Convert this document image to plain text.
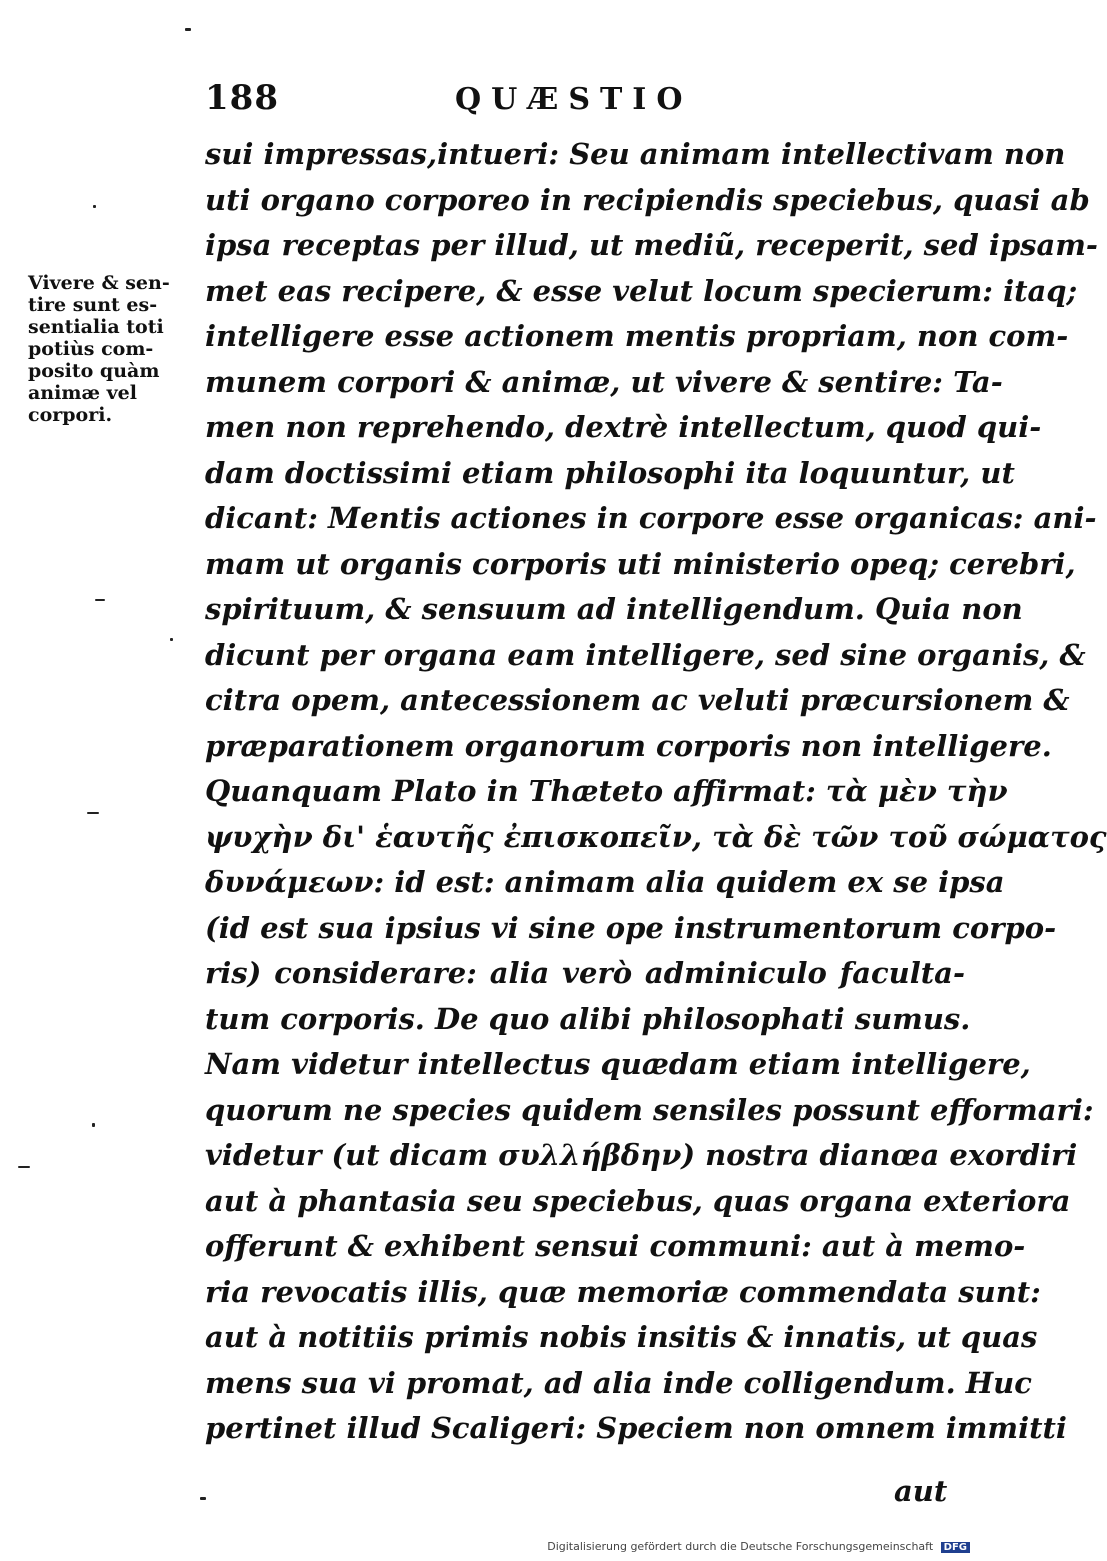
188	QUÆSTIO
Vivere & sen-
tire sunt es-
sentialia toti
potiùs com-
posito quàm
animæ vel
corpori.
sui impressas,intueri: Seu animam intellectivam non
uti organo corporeo in recipiendis speciebus, quasi ab
ipsa receptas per illud, ut mediũ, receperit, sed ipsam-
met eas recipere, & esse velut locum specierum: itaq;
intelligere esse actionem mentis propriam, non com-
munem corpori & animæ, ut vivere & sentire: Ta-
men non reprehendo, dextrè intellectum, quod qui-
dam doctissimi etiam philosophi ita loquuntur, ut
dicant: Mentis actiones in corpore esse organicas: ani-
mam ut organis corporis uti ministerio opeq; cerebri,
spirituum, & sensuum ad intelligendum. Quia non
dicunt per organa eam intelligere, sed sine organis, &
citra opem, antecessionem ac veluti præcursionem &
præparationem organorum corporis non intelligere.
Quanquam Plato in Thæteto affirmat: τὰ μὲν τὴν
ψυχὴν δι' ἑαυτῆς ἐπισκοπεῖν, τὰ δὲ τῶν τοῦ σώματος
δυνάμεων: id est: animam alia quidem ex se ipsa
(id est sua ipsius vi sine ope instrumentorum corpo-
ris) considerare: alia verò adminiculo faculta-
tum corporis. De quo alibi philosophati sumus.
Nam videtur intellectus quædam etiam intelligere,
quorum ne species quidem sensiles possunt efformari:
videtur (ut dicam συλλήβδην) nostra dianœa exordiri
aut à phantasia seu speciebus, quas organa exteriora
offerunt & exhibent sensui communi: aut à memo-
ria revocatis illis, quæ memoriæ commendata sunt:
aut à notitiis primis nobis insitis & innatis, ut quas
mens sua vi promat, ad alia inde colligendum. Huc
pertinet illud Scaligeri: Speciem non omnem immitti
aut
Digitalisierung gefördert durch die Deutsche Forschungsgemeinschaft DFG
